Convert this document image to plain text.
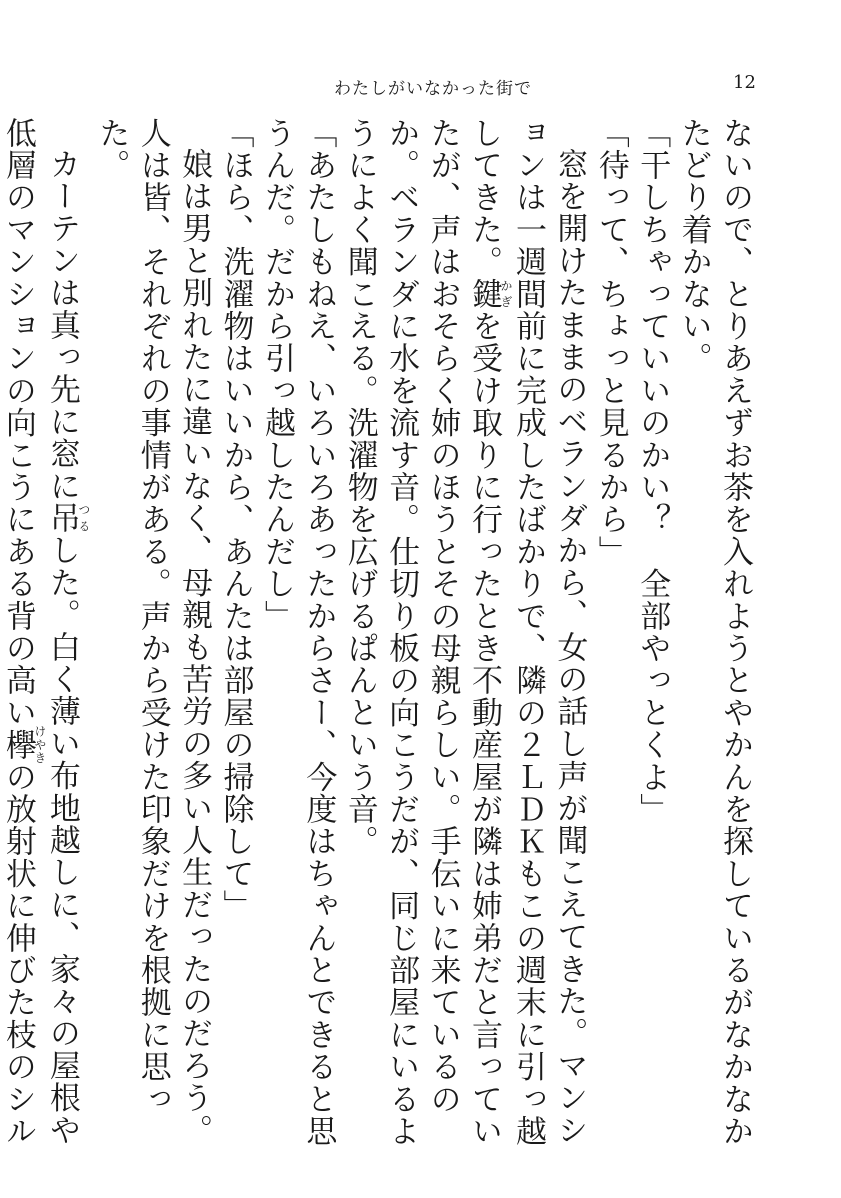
わたしがいなかった街で	12

ないので、とりあえずお茶を入れようとやかんを探しているがなかなかたどり着かない。

「干しちゃっていいのかい？　全部やっとくよ」

「待って、ちょっと見るから」

窓を開けたままのベランダから、女の話し声が聞こえてきた。マンションは一週間前に完成したばかりで、隣の２ＬＤＫもこの週末に引っ越してきた。鍵かぎを受け取りに行ったとき不動産屋が隣は姉弟だと言っていたが、声はおそらく姉のほうとその母親らしい。手伝いに来ているのか。ベランダに水を流す音。仕切り板の向こうだが、同じ部屋にいるようによく聞こえる。洗濯物を広げるぱんという音。

「あたしもねえ、いろいろあったからさー、今度はちゃんとできると思うんだ。だから引っ越したんだし」

「ほら、洗濯物はいいから、あんたは部屋の掃除して」

娘は男と別れたに違いなく、母親も苦労の多い人生だったのだろう。人は皆、それぞれの事情がある。声から受けた印象だけを根拠に思った。

カーテンは真っ先に窓に吊つるした。白く薄い布地越しに、家々の屋根や低層のマンションの向こうにある背の高い欅けやきの放射状に伸びた枝のシル
